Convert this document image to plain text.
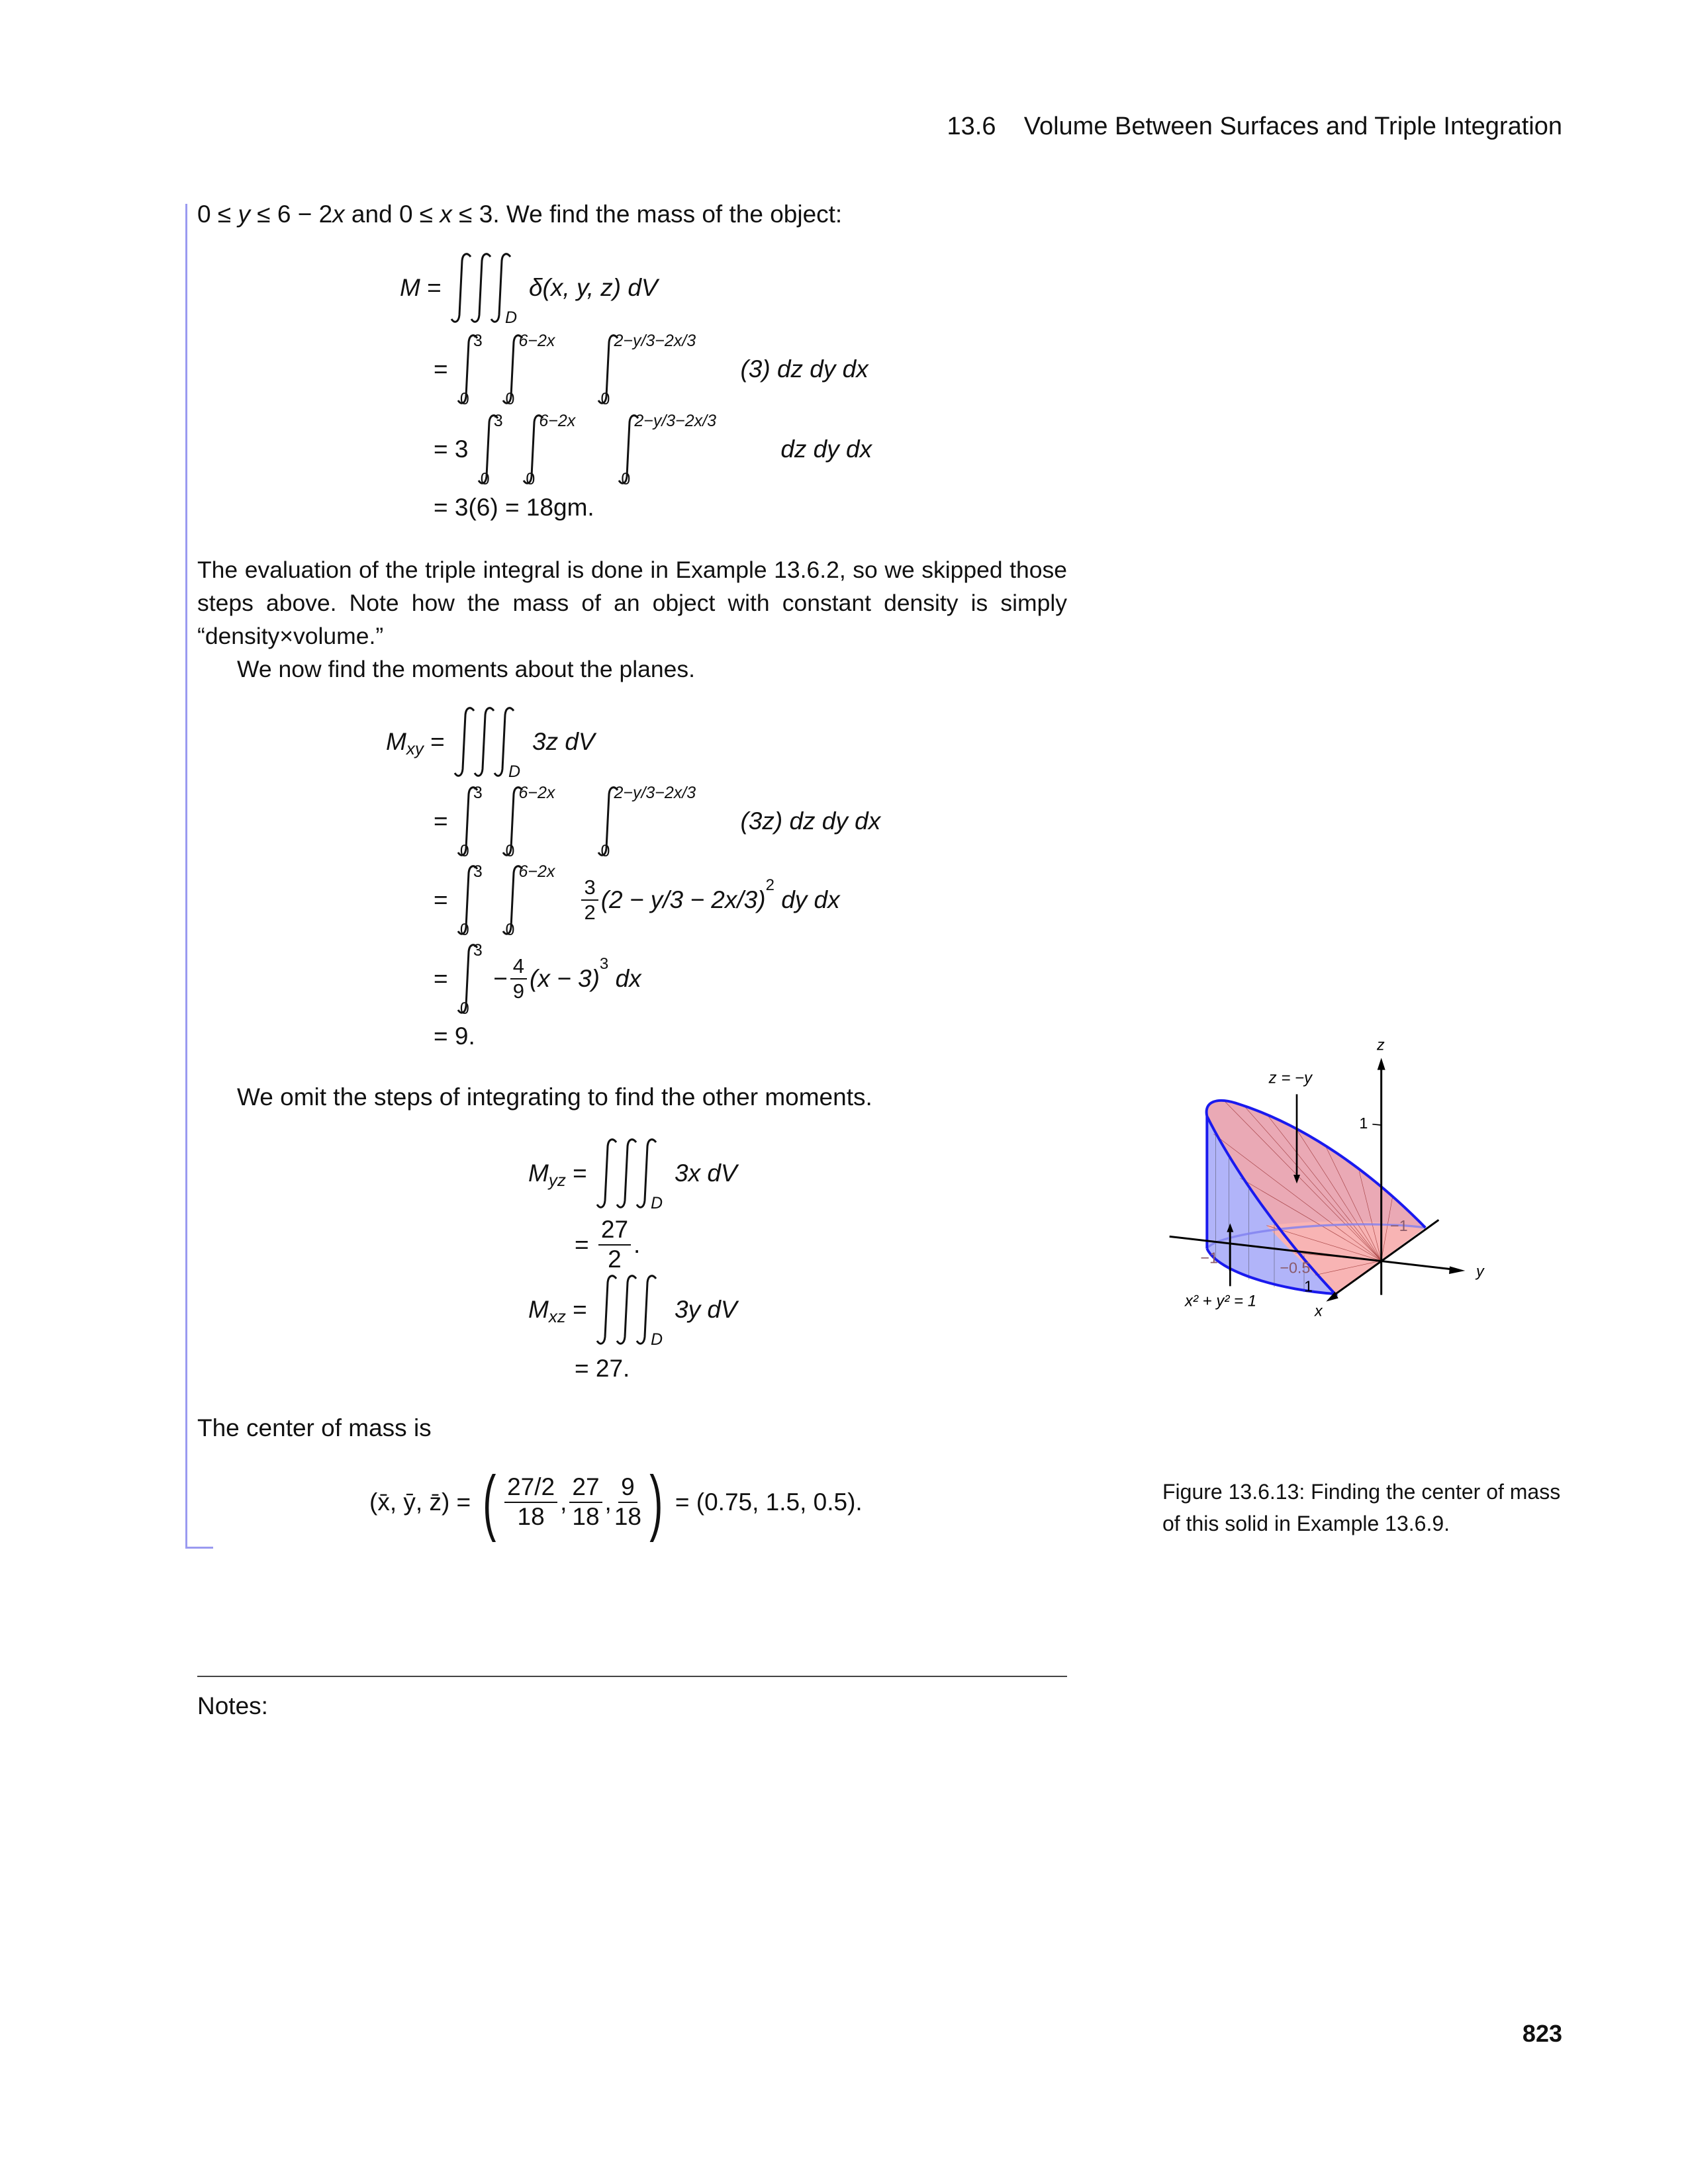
13.6 Volume Between Surfaces and Triple Integration
0 ≤ y ≤ 6 − 2x and 0 ≤ x ≤ 3. We find the mass of the object:
M
=

D
δ(x, y, z) dV
=

3
0

6−2x
0
2−y/3−2x/3
0
(3) dz dy dx
=
3

3
0

6−2x
0
2−y/3−2x/3
0
dz dy dx
= 3(6) = 18gm.

The evaluation of the triple integral is done in Example 13.6.2, so we skipped those steps above. Note how the mass of an object with constant density is simply “density×volume.”

We now find the moments about the planes.

M xy
=

D
3z dV
=

3
0

6−2x
0
2−y/3−2x/3
0
(3z) dz dy dx
=

3
0

6−2x
0
$\frac{3}{2} (2 - y/3 - 2x/3)$
2

dy dx
=

3
0

− $\frac{4}{9} (x - 3)$
3

dx
= 9.
We omit the steps of integrating to find the other moments.
M yz
=

D
3x dV
=
$\frac{27}{2}$ .
M xz
=

D
3y dV
= 27.
The center of mass is
(x̄, ȳ, z̄)
=
( $\frac{27/2}{18}$ , $\frac{27}{18}$ , $\frac{9}{18}$ )
=
(0.75, 1.5, 0.5).
Notes:
823
z
y
x
1
1
−1
−0.5
−1
z = −y
x² + y² = 1
Figure 13.6.13: Finding the center of mass
of this solid in Example 13.6.9.
